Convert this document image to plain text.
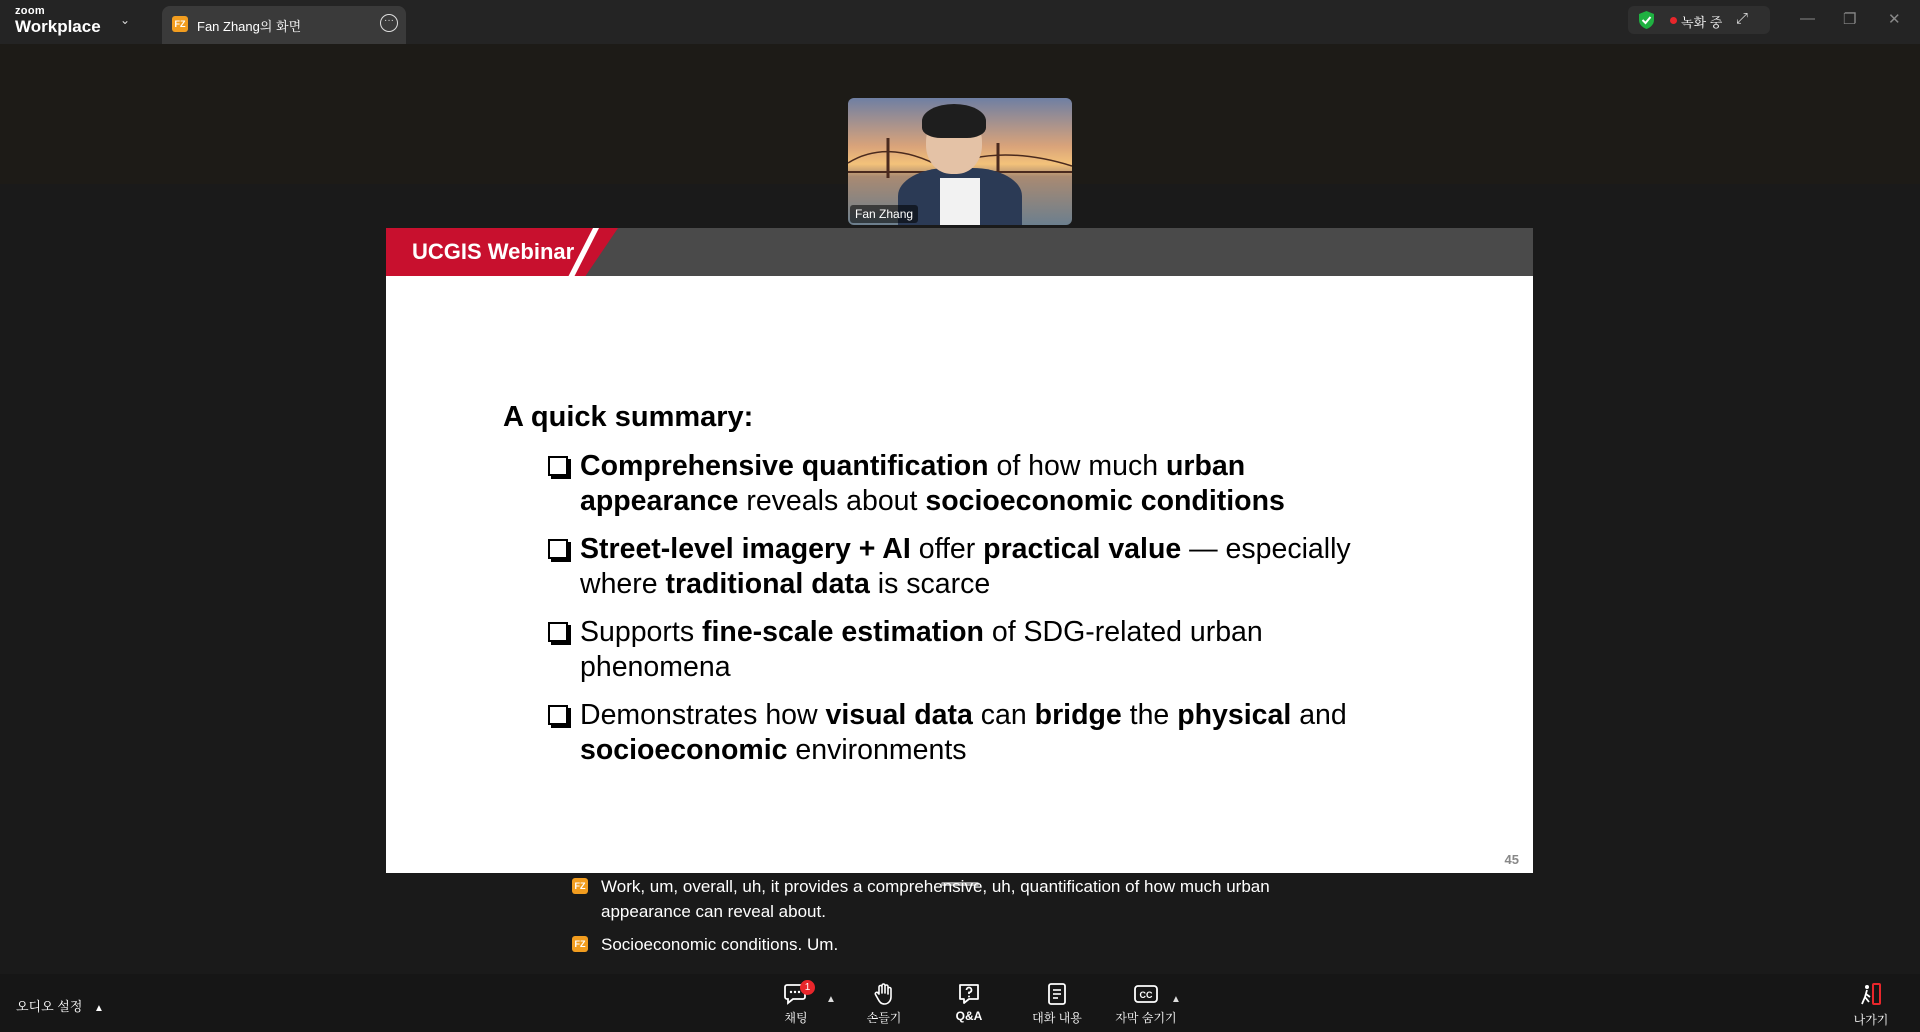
zoom
Workplace ⌄	FZ Fan Zhang의 화면	···	녹화 중 ⤢	— ❐ ✕
Fan Zhang
UCGIS Webinar
A quick summary:
Comprehensive quantification of how much urban appearance reveals about socioeconomic conditions
Street-level imagery + AI offer practical value — especially where traditional data is scarce
Supports fine-scale estimation of SDG-related urban phenomena
Demonstrates how visual data can bridge the physical and socioeconomic environments
45
FZ Work, um, overall, uh, it provides a comprehensive, uh, quantification of how much urban appearance can reveal about.
FZ Socioeconomic conditions. Um.
오디오 설정 ▲
1
채팅
▲
손들기	Q&A	대화 내용
CC
자막 숨기기
▲
나가기
